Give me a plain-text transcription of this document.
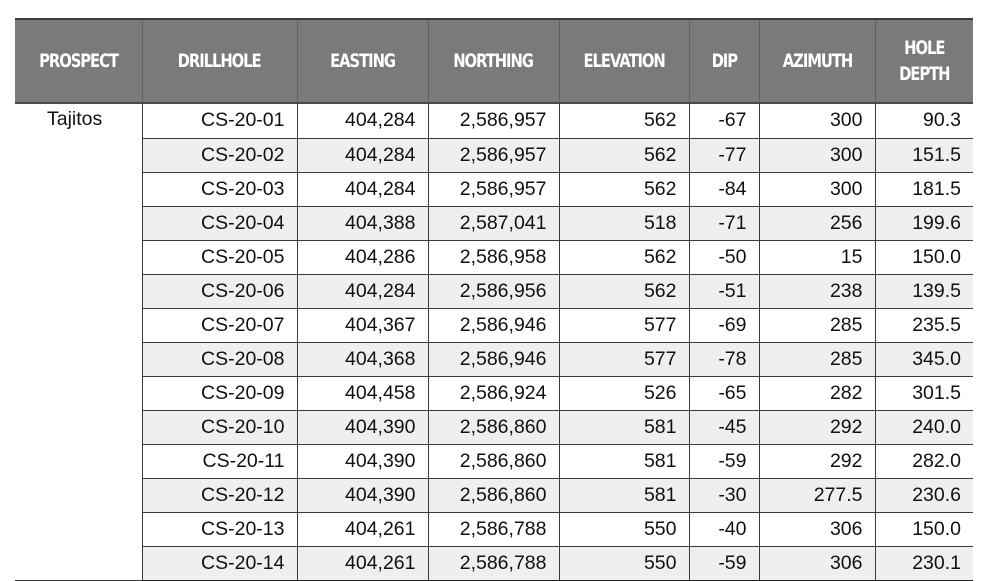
PROSPECT	DRILLHOLE	EASTING	NORTHING	ELEVATION	DIP	AZIMUTH	HOLE
DEPTH
Tajitos	CS-20-01	404,284	2,586,957	562	-67	300	90.3
	CS-20-02	404,284	2,586,957	562	-77	300	151.5
	CS-20-03	404,284	2,586,957	562	-84	300	181.5
	CS-20-04	404,388	2,587,041	518	-71	256	199.6
	CS-20-05	404,286	2,586,958	562	-50	15	150.0
	CS-20-06	404,284	2,586,956	562	-51	238	139.5
	CS-20-07	404,367	2,586,946	577	-69	285	235.5
	CS-20-08	404,368	2,586,946	577	-78	285	345.0
	CS-20-09	404,458	2,586,924	526	-65	282	301.5
	CS-20-10	404,390	2,586,860	581	-45	292	240.0
	CS-20-11	404,390	2,586,860	581	-59	292	282.0
	CS-20-12	404,390	2,586,860	581	-30	277.5	230.6
	CS-20-13	404,261	2,586,788	550	-40	306	150.0
	CS-20-14	404,261	2,586,788	550	-59	306	230.1
